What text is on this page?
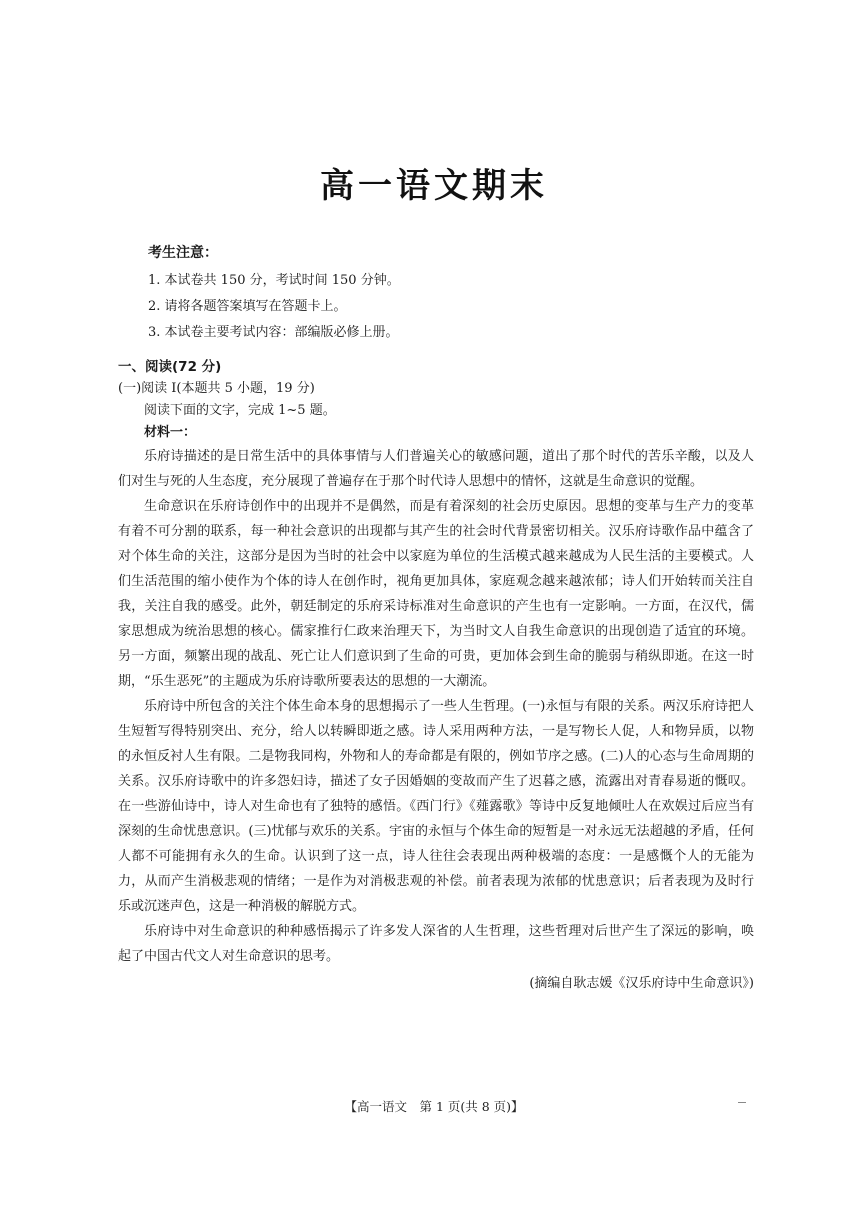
高一语文期末
考生注意：
1. 本试卷共 150 分，考试时间 150 分钟。
2. 请将各题答案填写在答题卡上。
3. 本试卷主要考试内容：部编版必修上册。
一、阅读(72 分)
(一)阅读 I(本题共 5 小题，19 分)
阅读下面的文字，完成 1~5 题。
材料一：

乐府诗描述的是日常生活中的具体事情与人们普遍关心的敏感问题，道出了那个时代的苦乐辛酸，以及人们对生与死的人生态度，充分展现了普遍存在于那个时代诗人思想中的情怀，这就是生命意识的觉醒。

生命意识在乐府诗创作中的出现并不是偶然，而是有着深刻的社会历史原因。思想的变革与生产力的变革有着不可分割的联系，每一种社会意识的出现都与其产生的社会时代背景密切相关。汉乐府诗歌作品中蕴含了对个体生命的关注，这部分是因为当时的社会中以家庭为单位的生活模式越来越成为人民生活的主要模式。人们生活范围的缩小使作为个体的诗人在创作时，视角更加具体，家庭观念越来越浓郁；诗人们开始转而关注自我，关注自我的感受。此外，朝廷制定的乐府采诗标准对生命意识的产生也有一定影响。一方面，在汉代，儒家思想成为统治思想的核心。儒家推行仁政来治理天下，为当时文人自我生命意识的出现创造了适宜的环境。另一方面，频繁出现的战乱、死亡让人们意识到了生命的可贵，更加体会到生命的脆弱与稍纵即逝。在这一时期，“乐生恶死”的主题成为乐府诗歌所要表达的思想的一大潮流。

乐府诗中所包含的关注个体生命本身的思想揭示了一些人生哲理。(一)永恒与有限的关系。两汉乐府诗把人生短暂写得特别突出、充分，给人以转瞬即逝之感。诗人采用两种方法，一是写物长人促，人和物异质，以物的永恒反衬人生有限。二是物我同构，外物和人的寿命都是有限的，例如节序之感。(二)人的心态与生命周期的关系。汉乐府诗歌中的许多怨妇诗，描述了女子因婚姻的变故而产生了迟暮之感，流露出对青春易逝的慨叹。在一些游仙诗中，诗人对生命也有了独特的感悟。《西门行》《薤露歌》等诗中反复地倾吐人在欢娱过后应当有深刻的生命忧患意识。(三)忧郁与欢乐的关系。宇宙的永恒与个体生命的短暂是一对永远无法超越的矛盾，任何人都不可能拥有永久的生命。认识到了这一点，诗人往往会表现出两种极端的态度：一是感慨个人的无能为力，从而产生消极悲观的情绪；一是作为对消极悲观的补偿。前者表现为浓郁的忧患意识；后者表现为及时行乐或沉迷声色，这是一种消极的解脱方式。

乐府诗中对生命意识的种种感悟揭示了许多发人深省的人生哲理，这些哲理对后世产生了深远的影响，唤起了中国古代文人对生命意识的思考。

(摘编自耿志媛《汉乐府诗中生命意识》)
【高一语文　第 1 页(共 8 页)】
